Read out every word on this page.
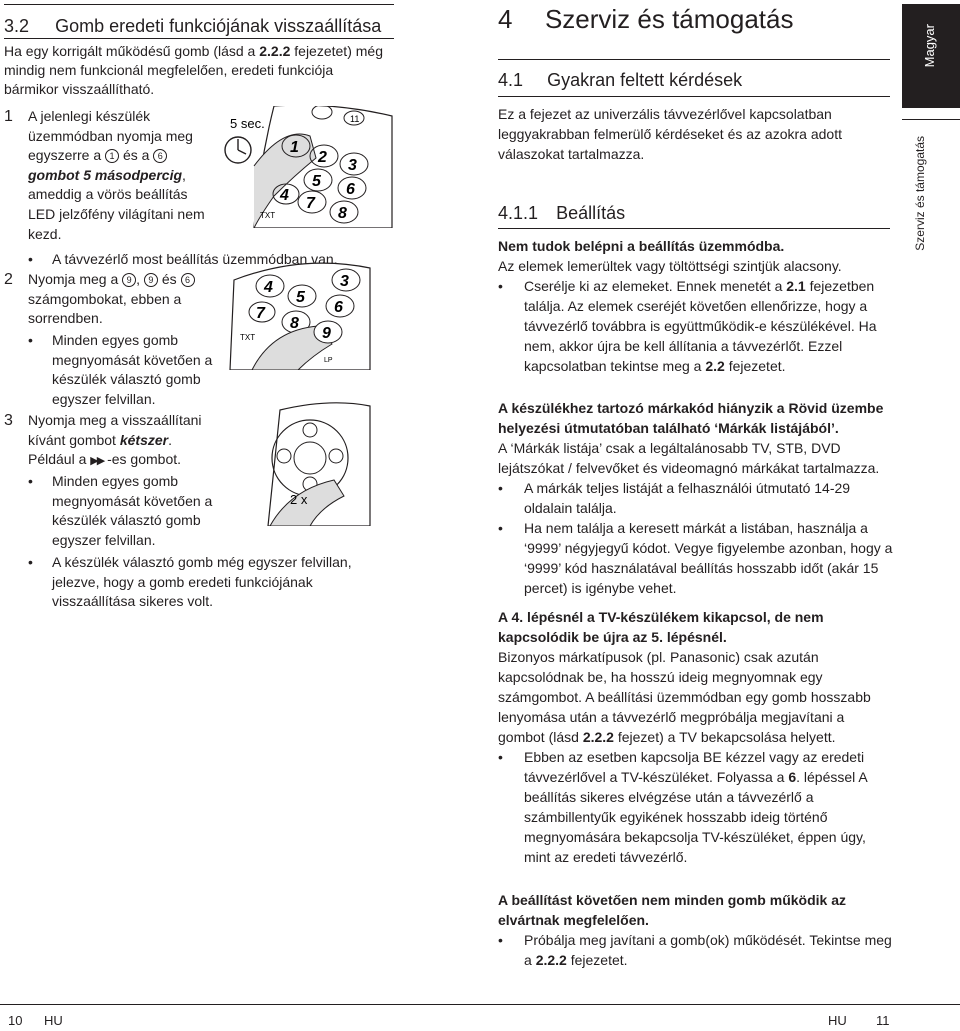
3.2 Gomb eredeti funkciójának visszaállítása
Ha egy korrigált működésű gomb (lásd a 2.2.2 fejezetet) még mindig nem funkcionál megfelelően, eredeti funkciója bármikor visszaállítható.
1	A jelenlegi készülék üzemmódban nyomja meg egyszerre a 1 és a 6 gombot 5 másodpercig, ameddig a vörös beállítás LED jelzőfény világítani nem kezd.
•	A távvezérlő most beállítás üzemmódban van.
2	Nyomja meg a 9 , 9 és 6 számgombokat, ebben a sorrendben.
•	Minden egyes gomb megnyomását követően a készülék választó gomb egyszer felvillan.
3	Nyomja meg a visszaállítani kívánt gombot kétszer. Például a ▶▶ -es gombot.
•	Minden egyes gomb megnyomását követően a készülék választó gomb egyszer felvillan.
•	A készülék választó gomb még egyszer felvillan, jelezve, hogy a gomb eredeti funkciójának visszaállítása sikeres volt.
5 sec.	11
1
2 3
4
5 6
7
8
TXT
4
5
6
3
7
8
9
TXT
LP
2 x
4 Szerviz és támogatás
4.1 Gyakran feltett kérdések
Ez a fejezet az univerzális távvezérlővel kapcsolatban leggyakrabban felmerülő kérdéseket és az azokra adott válaszokat tartalmazza.
4.1.1 Beállítás

Nem tudok belépni a beállítás üzemmódba.

Az elemek lemerültek vagy töltöttségi szintjük alacsony.

• Cserélje ki az elemeket. Ennek menetét a 2.1 fejezetben találja. Az elemek cseréjét követően ellenőrizze, hogy a távvezérlő továbbra is együttműködik-e készülékével. Ha nem, akkor újra be kell állítania a távvezérlőt. Ezzel kapcsolatban tekintse meg a 2.2 fejezetet.

A készülékhez tartozó márkakód hiányzik a Rövid üzembe helyezési útmutatóban található ‘Márkák listájából’.

A ‘Márkák listája’ csak a legáltalánosabb TV, STB, DVD lejátszókat / felvevőket és videomagnó márkákat tartalmazza.

• A márkák teljes listáját a felhasználói útmutató 14-29 oldalain találja.
• Ha nem találja a keresett márkát a listában, használja a ‘9999’ négyjegyű kódot. Vegye figyelembe azonban, hogy a ‘9999’ kód használatával beállítás hosszabb időt (akár 15 percet) is igénybe vehet.

A 4. lépésnél a TV-készülékem kikapcsol, de nem kapcsolódik be újra az 5. lépésnél.

Bizonyos márkatípusok (pl. Panasonic) csak azután kapcsolódnak be, ha hosszú ideig megnyomnak egy számgombot. A beállítási üzemmódban egy gomb hosszabb lenyomása után a távvezérlő megpróbálja megjavítani a gombot (lásd 2.2.2 fejezet) a TV bekapcsolása helyett.

• Ebben az esetben kapcsolja BE kézzel vagy az eredeti távvezérlővel a TV-készüléket. Folyassa a 6. lépéssel A beállítás sikeres elvégzése után a távvezérlő a számbillentyűk egyikének hosszabb ideig történő megnyomására bekapcsolja TV-készüléket, éppen úgy, mint az eredeti távvezérlő.

A beállítást követően nem minden gomb működik az elvártnak megfelelően.

• Próbálja meg javítani a gomb(ok) működését. Tekintse meg a 2.2.2 fejezetet.
Magyar
Szerviz és támogatás
10 HU	HU 11
